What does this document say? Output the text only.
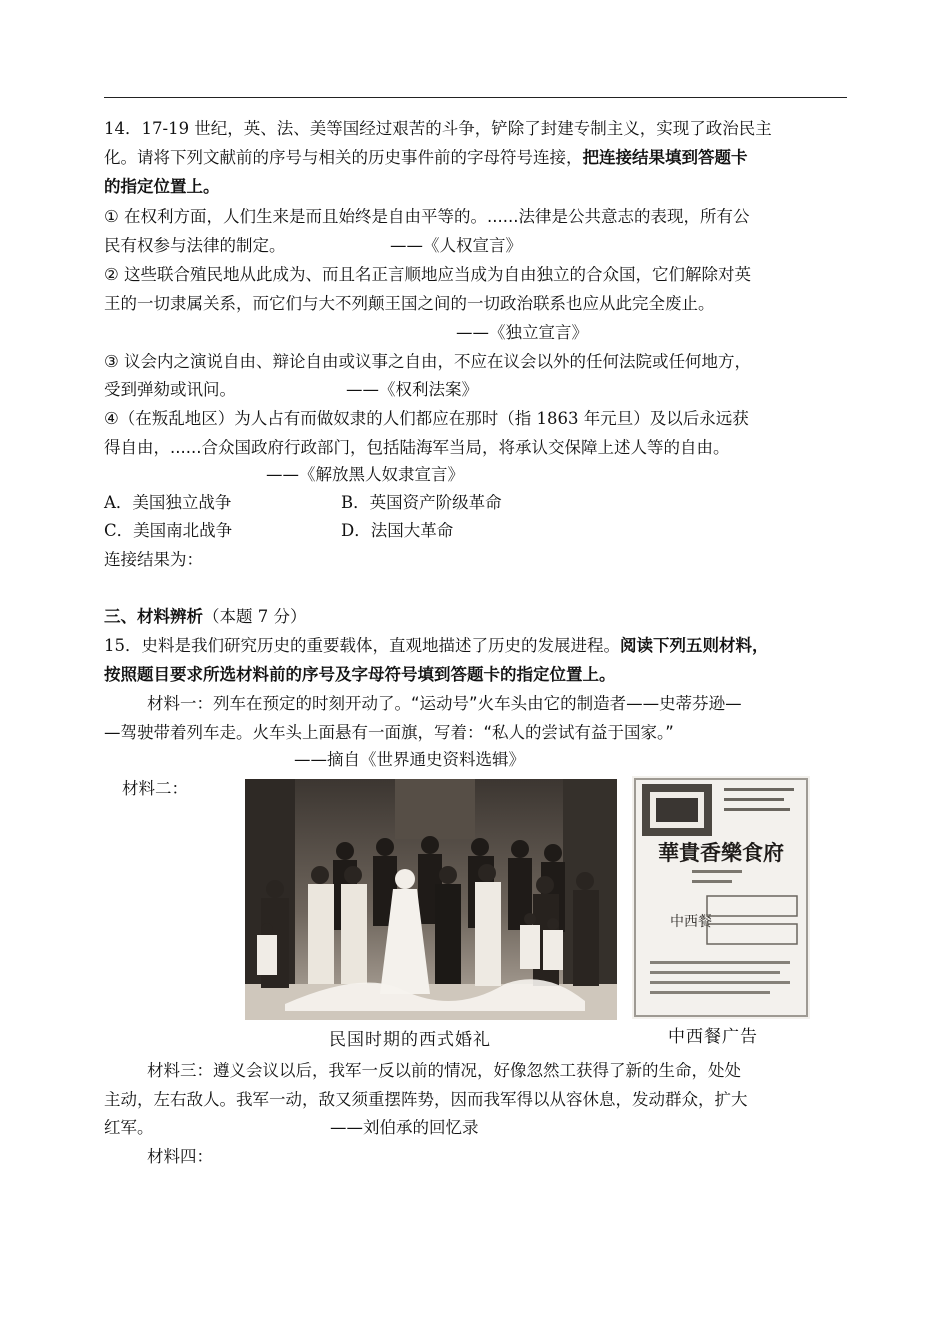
14．17-19 世纪，英、法、美等国经过艰苦的斗争，铲除了封建专制主义，实现了政治民主
化。请将下列文献前的序号与相关的历史事件前的字母符号连接，把连接结果填到答题卡
的指定位置上。
① 在权利方面，人们生来是而且始终是自由平等的。......法律是公共意志的表现，所有公
民有权参与法律的制定。	——《人权宣言》
② 这些联合殖民地从此成为、而且名正言顺地应当成为自由独立的合众国，它们解除对英
王的一切隶属关系，而它们与大不列颠王国之间的一切政治联系也应从此完全废止。
——《独立宣言》
③ 议会内之演说自由、辩论自由或议事之自由，不应在议会以外的任何法院或任何地方，
受到弹劾或讯问。	——《权利法案》
④（在叛乱地区）为人占有而做奴隶的人们都应在那时（指 1863 年元旦）及以后永远获
得自由，......合众国政府行政部门，包括陆海军当局，将承认交保障上述人等的自由。
——《解放黑人奴隶宣言》
A．美国独立战争	B．英国资产阶级革命
C．美国南北战争	D．法国大革命
连接结果为：
三、材料辨析（本题 7 分）
15．史料是我们研究历史的重要载体，直观地描述了历史的发展进程。阅读下列五则材料，
按照题目要求所选材料前的序号及字母符号填到答题卡的指定位置上。
材料一：列车在预定的时刻开动了。“运动号”火车头由它的制造者——史蒂芬逊—
—驾驶带着列车走。火车头上面悬有一面旗，写着：“私人的尝试有益于国家。”
——摘自《世界通史资料选辑》
材料二：
民国时期的西式婚礼
華貴香樂食府
中西餐
中西餐广告
材料三：遵义会议以后，我军一反以前的情况，好像忽然工获得了新的生命，处处
主动，左右敌人。我军一动，敌又须重摆阵势，因而我军得以从容休息，发动群众，扩大
红军。	——刘伯承的回忆录
材料四：
